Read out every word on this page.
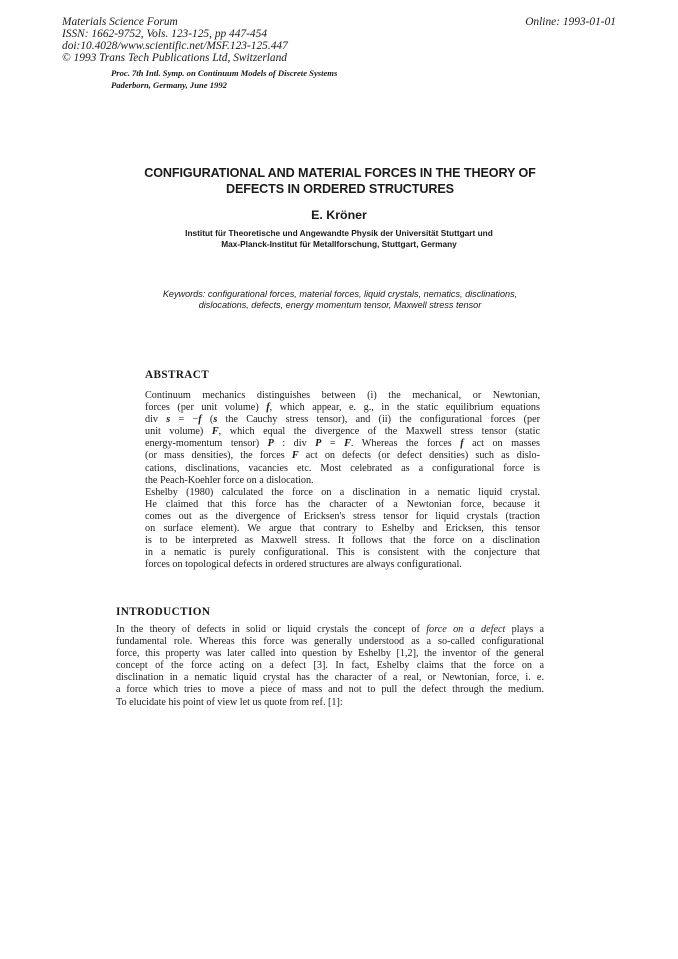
Materials Science Forum
ISSN: 1662-9752, Vols. 123-125, pp 447-454
doi:10.4028/www.scientific.net/MSF.123-125.447
© 1993 Trans Tech Publications Ltd, Switzerland
Online: 1993-01-01
Proc. 7th Intl. Symp. on Continuum Models of Discrete Systems
Paderborn, Germany, June 1992
CONFIGURATIONAL AND MATERIAL FORCES IN THE THEORY OF
DEFECTS IN ORDERED STRUCTURES
E. Kröner
Institut für Theoretische und Angewandte Physik der Universität Stuttgart und
Max-Planck-Institut für Metallforschung, Stuttgart, Germany
Keywords: configurational forces, material forces, liquid crystals, nematics, disclinations,
dislocations, defects, energy momentum tensor, Maxwell stress tensor
ABSTRACT
Continuum mechanics distinguishes between (i) the mechanical, or Newtonian,
forces (per unit volume) f, which appear, e. g., in the static equilibrium equations
div s = −f (s the Cauchy stress tensor), and (ii) the configurational forces (per
unit volume) F, which equal the divergence of the Maxwell stress tensor (static
energy-momentum tensor) P : div P = F. Whereas the forces f act on masses
(or mass densities), the forces F act on defects (or defect densities) such as dislo-
cations, disclinations, vacancies etc. Most celebrated as a configurational force is
the Peach-Koehler force on a dislocation.
Eshelby (1980) calculated the force on a disclination in a nematic liquid crystal.
He claimed that this force has the character of a Newtonian force, because it
comes out as the divergence of Ericksen's stress tensor for liquid crystals (traction
on surface element). We argue that contrary to Eshelby and Ericksen, this tensor
is to be interpreted as Maxwell stress. It follows that the force on a disclination
in a nematic is purely configurational. This is consistent with the conjecture that
forces on topological defects in ordered structures are always configurational.
INTRODUCTION
In the theory of defects in solid or liquid crystals the concept of force on a defect plays a
fundamental role. Whereas this force was generally understood as a so-called configurational
force, this property was later called into question by Eshelby [1,2], the inventor of the general
concept of the force acting on a defect [3]. In fact, Eshelby claims that the force on a
disclination in a nematic liquid crystal has the character of a real, or Newtonian, force, i. e.
a force which tries to move a piece of mass and not to pull the defect through the medium.
To elucidate his point of view let us quote from ref. [1]:
